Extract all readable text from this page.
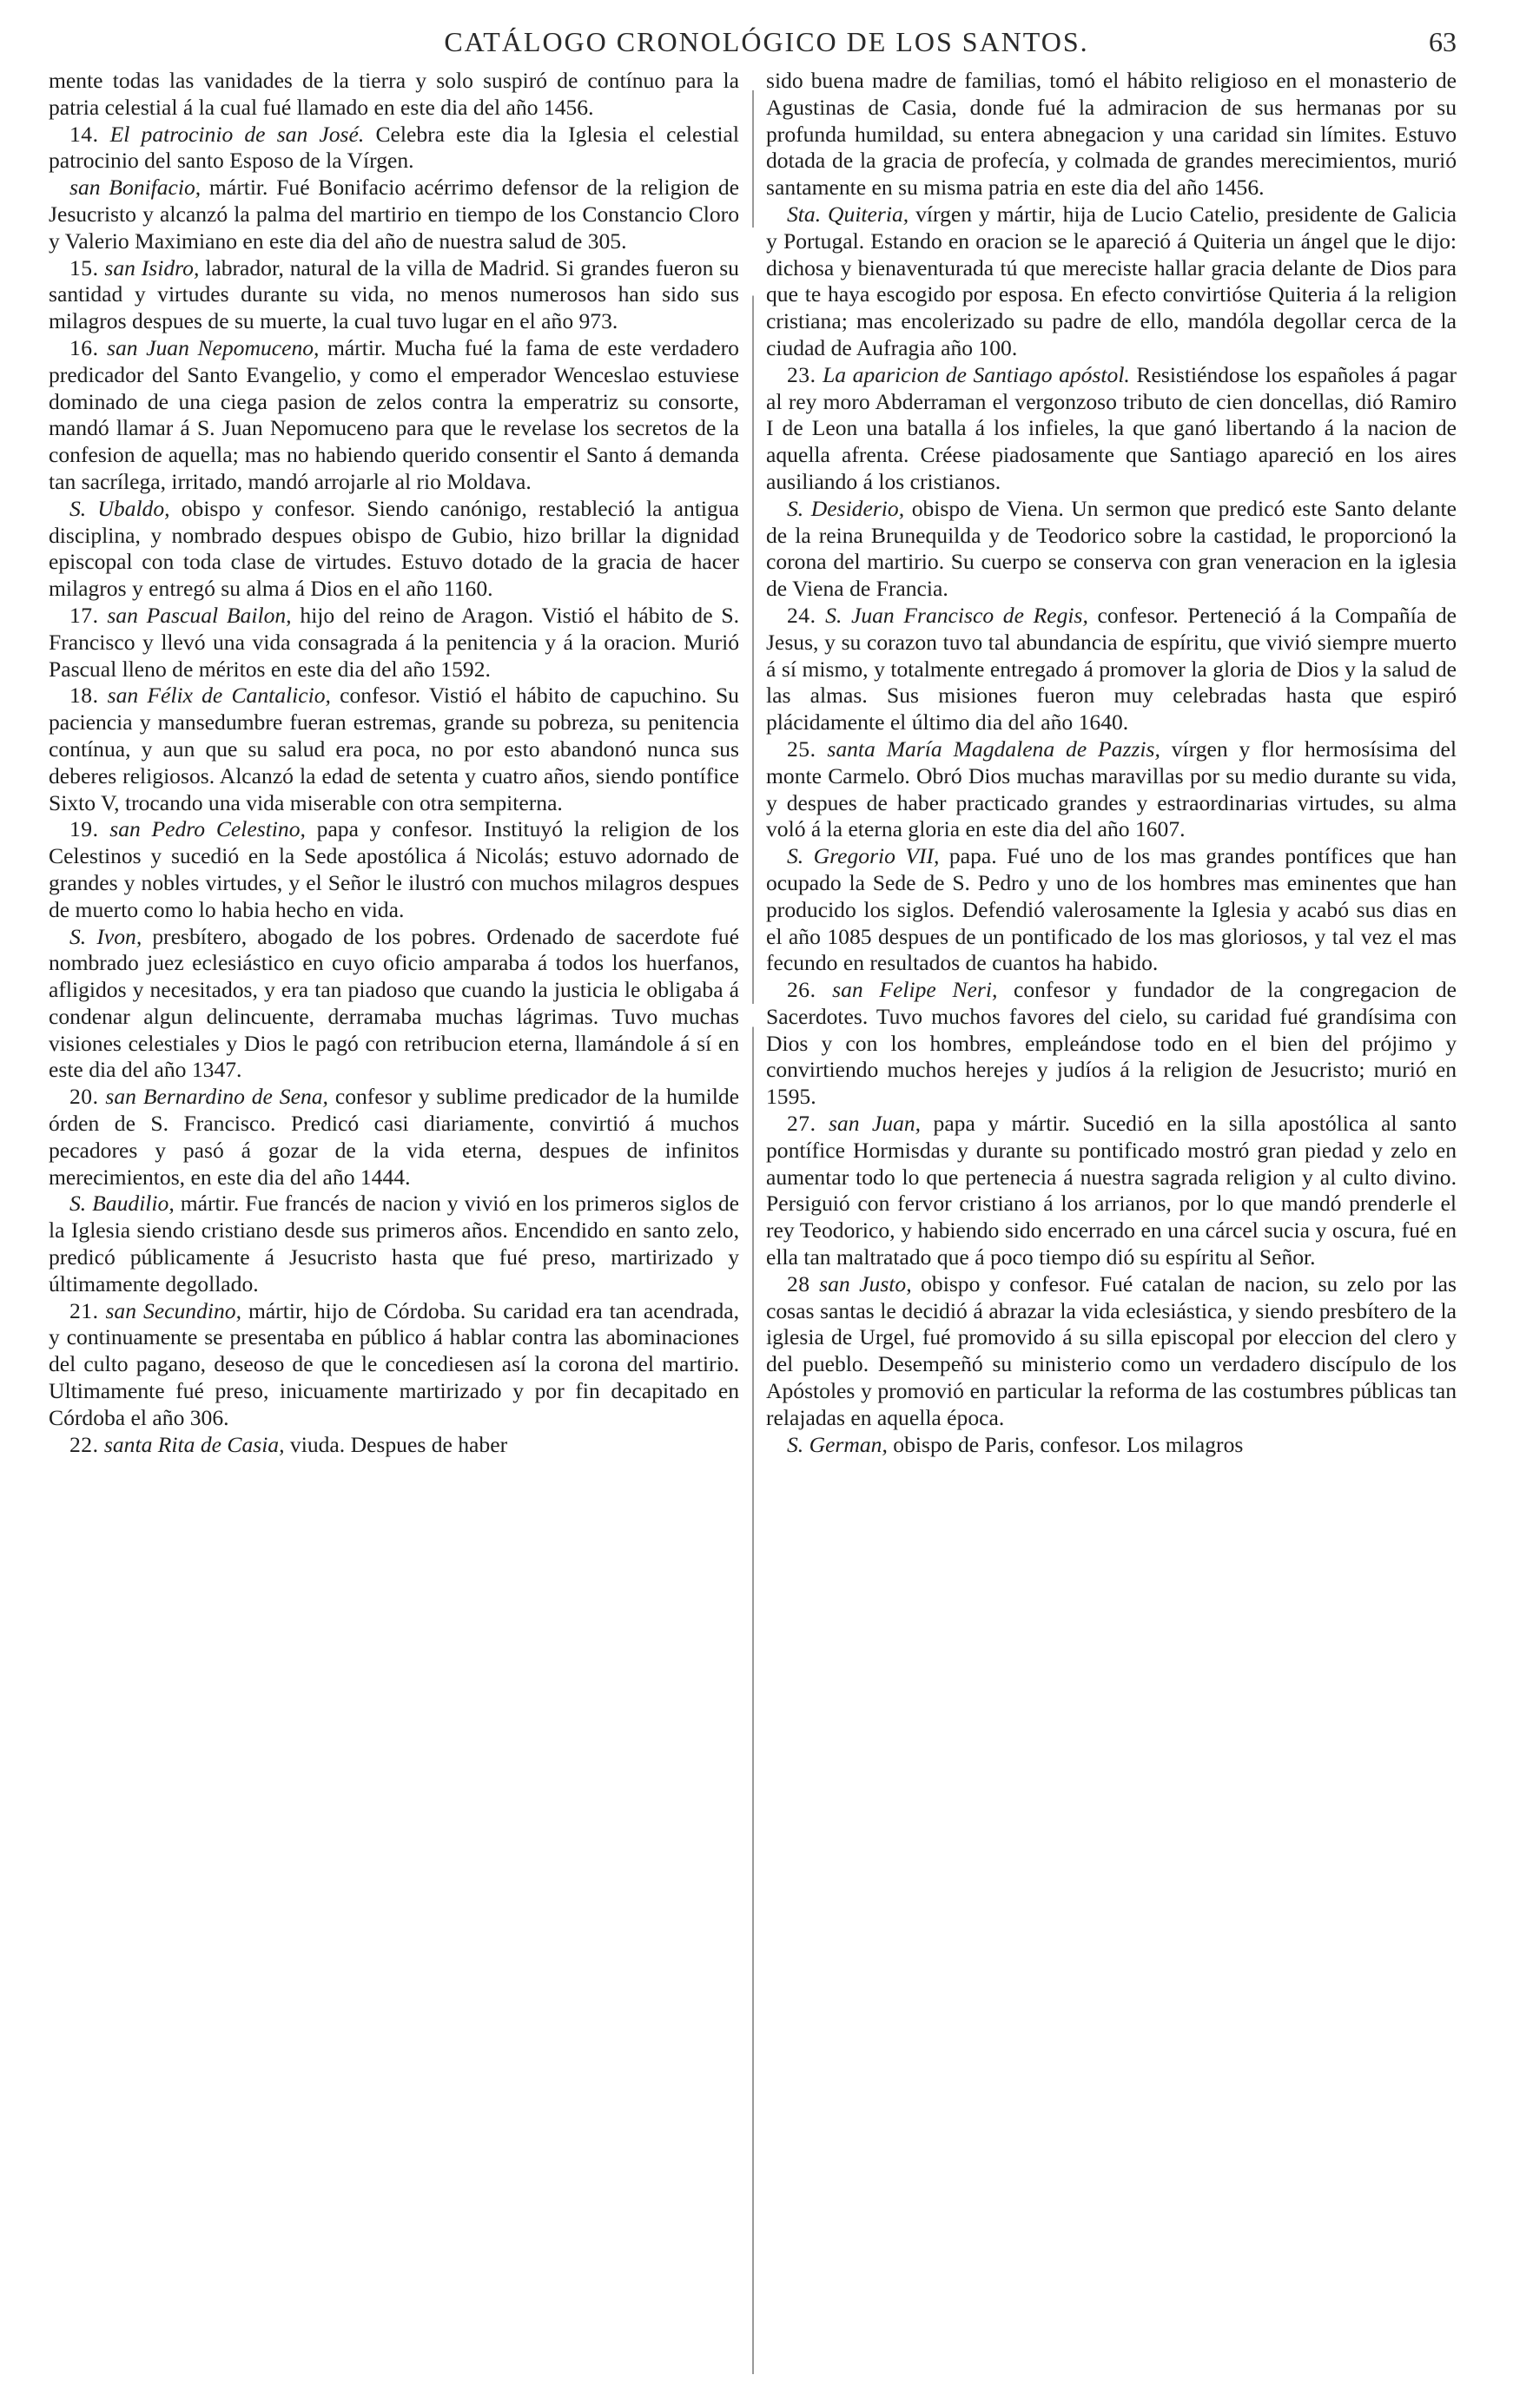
CATÁLOGO CRONOLÓGICO DE LOS SANTOS.	63

mente todas las vanidades de la tierra y solo suspiró de contínuo para la patria celestial á la cual fué llamado en este dia del año 1456.

14. El patrocinio de san José. Celebra este dia la Iglesia el celestial patrocinio del santo Esposo de la Vírgen.

san Bonifacio, mártir. Fué Bonifacio acérrimo defensor de la religion de Jesucristo y alcanzó la palma del martirio en tiempo de los Constancio Cloro y Valerio Maximiano en este dia del año de nuestra salud de 305.

15. san Isidro, labrador, natural de la villa de Madrid. Si grandes fueron su santidad y virtudes durante su vida, no menos numerosos han sido sus milagros despues de su muerte, la cual tuvo lugar en el año 973.

16. san Juan Nepomuceno, mártir. Mucha fué la fama de este verdadero predicador del Santo Evangelio, y como el emperador Wenceslao estuviese dominado de una ciega pasion de zelos contra la emperatriz su consorte, mandó llamar á S. Juan Nepomuceno para que le revelase los secretos de la confesion de aquella; mas no habiendo querido consentir el Santo á demanda tan sacrílega, irritado, mandó arrojarle al rio Moldava.

S. Ubaldo, obispo y confesor. Siendo canónigo, restableció la antigua disciplina, y nombrado despues obispo de Gubio, hizo brillar la dignidad episcopal con toda clase de virtudes. Estuvo dotado de la gracia de hacer milagros y entregó su alma á Dios en el año 1160.

17. san Pascual Bailon, hijo del reino de Aragon. Vistió el hábito de S. Francisco y llevó una vida consagrada á la penitencia y á la oracion. Murió Pascual lleno de méritos en este dia del año 1592.

18. san Félix de Cantalicio, confesor. Vistió el hábito de capuchino. Su paciencia y mansedumbre fueran estremas, grande su pobreza, su penitencia contínua, y aun que su salud era poca, no por esto abandonó nunca sus deberes religiosos. Alcanzó la edad de setenta y cuatro años, siendo pontífice Sixto V, trocando una vida miserable con otra sempiterna.

19. san Pedro Celestino, papa y confesor. Instituyó la religion de los Celestinos y sucedió en la Sede apostólica á Nicolás; estuvo adornado de grandes y nobles virtudes, y el Señor le ilustró con muchos milagros despues de muerto como lo habia hecho en vida.

S. Ivon, presbítero, abogado de los pobres. Ordenado de sacerdote fué nombrado juez eclesiástico en cuyo oficio amparaba á todos los huerfanos, afligidos y necesitados, y era tan piadoso que cuando la justicia le obligaba á condenar algun delincuente, derramaba muchas lágrimas. Tuvo muchas visiones celestiales y Dios le pagó con retribucion eterna, llamándole á sí en este dia del año 1347.

20. san Bernardino de Sena, confesor y sublime predicador de la humilde órden de S. Francisco. Predicó casi diariamente, convirtió á muchos pecadores y pasó á gozar de la vida eterna, despues de infinitos merecimientos, en este dia del año 1444.

S. Baudilio, mártir. Fue francés de nacion y vivió en los primeros siglos de la Iglesia siendo cristiano desde sus primeros años. Encendido en santo zelo, predicó públicamente á Jesucristo hasta que fué preso, martirizado y últimamente degollado.

21. san Secundino, mártir, hijo de Córdoba. Su caridad era tan acendrada, y continuamente se presentaba en público á hablar contra las abominaciones del culto pagano, deseoso de que le concediesen así la corona del martirio. Ultimamente fué preso, inicuamente martirizado y por fin decapitado en Córdoba el año 306.

22. santa Rita de Casia, viuda. Despues de haber

sido buena madre de familias, tomó el hábito religioso en el monasterio de Agustinas de Casia, donde fué la admiracion de sus hermanas por su profunda humildad, su entera abnegacion y una caridad sin límites. Estuvo dotada de la gracia de profecía, y colmada de grandes merecimientos, murió santamente en su misma patria en este dia del año 1456.

Sta. Quiteria, vírgen y mártir, hija de Lucio Catelio, presidente de Galicia y Portugal. Estando en oracion se le apareció á Quiteria un ángel que le dijo: dichosa y bienaventurada tú que mereciste hallar gracia delante de Dios para que te haya escogido por esposa. En efecto convirtióse Quiteria á la religion cristiana; mas encolerizado su padre de ello, mandóla degollar cerca de la ciudad de Aufragia año 100.

23. La aparicion de Santiago apóstol. Resistiéndose los españoles á pagar al rey moro Abderraman el vergonzoso tributo de cien doncellas, dió Ramiro I de Leon una batalla á los infieles, la que ganó libertando á la nacion de aquella afrenta. Créese piadosamente que Santiago apareció en los aires ausiliando á los cristianos.

S. Desiderio, obispo de Viena. Un sermon que predicó este Santo delante de la reina Brunequilda y de Teodorico sobre la castidad, le proporcionó la corona del martirio. Su cuerpo se conserva con gran veneracion en la iglesia de Viena de Francia.

24. S. Juan Francisco de Regis, confesor. Perteneció á la Compañía de Jesus, y su corazon tuvo tal abundancia de espíritu, que vivió siempre muerto á sí mismo, y totalmente entregado á promover la gloria de Dios y la salud de las almas. Sus misiones fueron muy celebradas hasta que espiró plácidamente el último dia del año 1640.

25. santa María Magdalena de Pazzis, vírgen y flor hermosísima del monte Carmelo. Obró Dios muchas maravillas por su medio durante su vida, y despues de haber practicado grandes y estraordinarias virtudes, su alma voló á la eterna gloria en este dia del año 1607.

S. Gregorio VII, papa. Fué uno de los mas grandes pontífices que han ocupado la Sede de S. Pedro y uno de los hombres mas eminentes que han producido los siglos. Defendió valerosamente la Iglesia y acabó sus dias en el año 1085 despues de un pontificado de los mas gloriosos, y tal vez el mas fecundo en resultados de cuantos ha habido.

26. san Felipe Neri, confesor y fundador de la congregacion de Sacerdotes. Tuvo muchos favores del cielo, su caridad fué grandísima con Dios y con los hombres, empleándose todo en el bien del prójimo y convirtiendo muchos herejes y judíos á la religion de Jesucristo; murió en 1595.

27. san Juan, papa y mártir. Sucedió en la silla apostólica al santo pontífice Hormisdas y durante su pontificado mostró gran piedad y zelo en aumentar todo lo que pertenecia á nuestra sagrada religion y al culto divino. Persiguió con fervor cristiano á los arrianos, por lo que mandó prenderle el rey Teodorico, y habiendo sido encerrado en una cárcel sucia y oscura, fué en ella tan maltratado que á poco tiempo dió su espíritu al Señor.

28 san Justo, obispo y confesor. Fué catalan de nacion, su zelo por las cosas santas le decidió á abrazar la vida eclesiástica, y siendo presbítero de la iglesia de Urgel, fué promovido á su silla episcopal por eleccion del clero y del pueblo. Desempeñó su ministerio como un verdadero discípulo de los Apóstoles y promovió en particular la reforma de las costumbres públicas tan relajadas en aquella época.

S. German, obispo de Paris, confesor. Los milagros
